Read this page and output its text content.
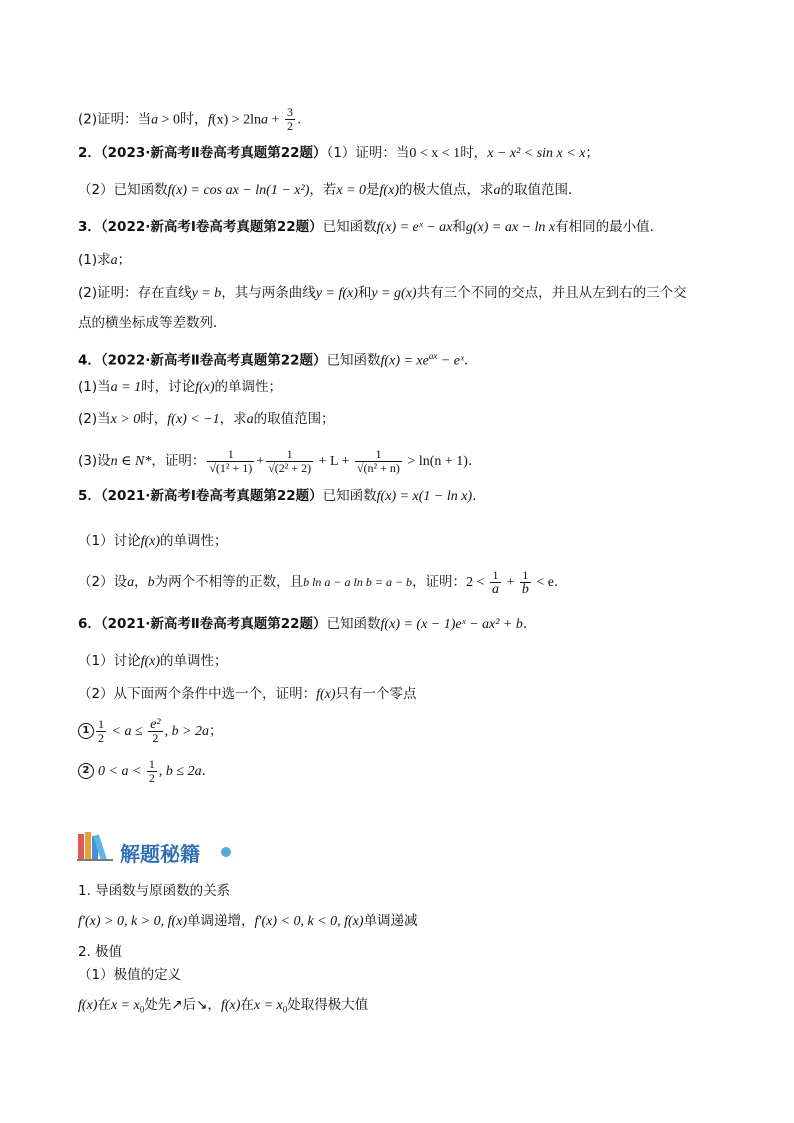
(2)证明：当a > 0时，$f(x) > 2\ln a + \frac{3}{2}$ .
2．（2023·新高考Ⅱ卷高考真题第22题）（1）证明：当0 < x < 1时，x − x² < sin x < x；
（2）已知函数f(x) = cos ax − ln(1 − x²)，若x = 0是f(x)的极大值点，求a的取值范围．
3．（2022·新高考Ⅰ卷高考真题第22题）已知函数f(x) = eˣ − ax和g(x) = ax − ln x有相同的最小值．
(1)求a；
(2)证明：存在直线y = b，其与两条曲线y = f(x)和y = g(x)共有三个不同的交点，并且从左到右的三个交
点的横坐标成等差数列．
4．（2022·新高考Ⅱ卷高考真题第22题）已知函数$f(x) = xe^{ax}$ − eˣ．
(1)当a = 1时，讨论f(x)的单调性；
(2)当x > 0时，f(x) < −1，求a的取值范围；
(3)设n ∈ N*，证明： $\frac{1}{\text{√(1² + 1)}} + \frac{1}{\text{√(2² + 2)}} + L + \frac{1}{\text{√(n² + n)}} > \ln(n + 1)$．
5．（2021·新高考Ⅰ卷高考真题第22题）已知函数f(x) = x(1 − ln x).
（1）讨论f(x)的单调性；
（2）设a，b为两个不相等的正数，且b ln a − a ln b = a − b，证明：$2 < \frac{1}{a} + \frac{1}{b} < e$.
6．（2021·新高考Ⅱ卷高考真题第22题）已知函数f(x) = (x − 1)eˣ − ax² + b.
（1）讨论f(x)的单调性；
（2）从下面两个条件中选一个，证明：f(x)只有一个零点
$1 \frac{1}{2} < a \le \frac{\text{e²}}{2}$ , b > 2a；
2 $0 < a < \frac{1}{2}$ , b ≤ 2a．
解题秘籍
1. 导函数与原函数的关系
f′(x) > 0, k > 0, f(x)单调递增，f′(x) < 0, k < 0, f(x)单调递减
2. 极值
（1）极值的定义
f(x)在$x = x_0$处先↗后↘，f(x)在$x = x_0$处取得极大值
